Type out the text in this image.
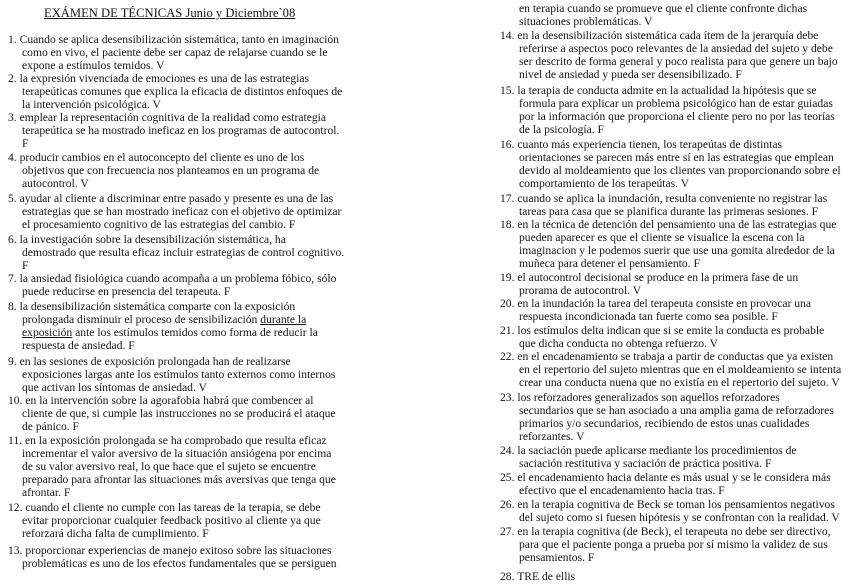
EXÁMEN DE TÉCNICAS Junio y Diciembre`08
1. Cuando se aplica desensibilización sistemática, tanto en imaginación
como en vivo, el paciente debe ser capaz de relajarse cuando se le
expone a estímulos temidos. V
2. la expresión vivenciada de emociones es una de las estrategias
terapeúticas comunes que explica la eficacia de distintos enfoques de
la intervención psicológica. V
3. emplear la representación cognitiva de la realidad como estrategia
terapeútica se ha mostrado ineficaz en los programas de autocontrol.
F
4. producir cambios en el autoconcepto del cliente es uno de los
objetivos que con frecuencia nos planteamos en un programa de
autocontrol. V
5. ayudar al cliente a discriminar entre pasado y presente es una de las
estrategias que se han mostrado ineficaz con el objetivo de optimizar
el procesamiento cognitivo de las estrategias del cambio. F
6. la investigación sobre la desensibilización sistemática, ha
demostrado que resulta eficaz incluir estrategias de control cognitivo.
F
7. la ansiedad fisiológica cuando acompaña a un problema fóbico, sólo
puede reducirse en presencia del terapeuta. F
8. la desensibilización sistemática comparte con la exposición
prolongada disminuir el proceso de sensibilización durante la
exposición ante los estímulos temidos como forma de reducir la
respuesta de ansiedad. F
9. en las sesiones de exposición prolongada han de realizarse
exposiciones largas ante los estímulos tanto externos como internos
que activan los síntomas de ansiedad. V
10. en la intervención sobre la agorafobia habrá que combencer al
cliente de que, si cumple las instrucciones no se producirá el ataque
de pánico. F
11. en la exposición prolongada se ha comprobado que resulta eficaz
incrementar el valor aversivo de la situación ansiógena por encima
de su valor aversivo real, lo que hace que el sujeto se encuentre
preparado para afrontar las situaciones más aversivas que tenga que
afrontar. F
12. cuando el cliente no cumple con las tareas de la terapia, se debe
evitar proporcionar cualquier feedback positivo al cliente ya que
reforzará dicha falta de cumplimiento. F
13. proporcionar experiencias de manejo exitoso sobre las situaciones
problemáticas es uno de los efectos fundamentales que se persiguen
en terapia cuando se promueve que el cliente confronte dichas
situaciones problemáticas. V
14. en la desensibilización sistemática cada ítem de la jerarquía debe
referirse a aspectos poco relevantes de la ansiedad del sujeto y debe
ser descrito de forma general y poco realista para que genere un bajo
nivel de ansiedad y pueda ser desensibilizado. F
15. la terapia de conducta admite en la actualidad la hipótesis que se
formula para explicar un problema psicológico han de estar guiadas
por la información que proporciona el cliente pero no por las teorías
de la psicología. F
16. cuanto más experiencia tienen, los terapeútas de distintas
orientaciones se parecen más entre sí en las estrategias que emplean
devido al moldeamiento que los clientes van proporcionando sobre el
comportamiento de los terapeútas. V
17. cuando se aplica la inundación, resulta conveniente no registrar las
tareas para casa que se planifica durante las primeras sesiones. F
18. en la técnica de detención del pensamiento una de las estrategias que
pueden aparecer es que el cliente se visualice la escena con la
imaginacion y le podemos suerir que use una gomita alrededor de la
muñeca para detener el pensamiento. F
19. el autocontrol decisional se produce en la primera fase de un
prorama de autocontrol. V
20. en la inundación la tarea del terapeuta consiste en provocar una
respuesta incondicionada tan fuerte como sea posible. F
21. los estímulos delta indican que si se emite la conducta es probable
que dicha conducta no obtenga refuerzo. V
22. en el encadenamiento se trabaja a partir de conductas que ya existen
en el repertorio del sujeto mientras que en el moldeamiento se intenta
crear una conducta nuena que no existía en el repertorio del sujeto. V
23. los reforzadores generalizados son aquellos reforzadores
secundarios que se han asociado a una amplia gama de reforzadores
primarios y/o secundarios, recibiendo de estos unas cualidades
reforzantes. V
24. la saciación puede aplicarse mediante los procedimientos de
saciación restitutiva y saciación de práctica positiva. F
25. el encadenamiento hacia delante es más usual y se le considera más
efectivo que el encadenamiento hacia tras. F
26. en la terapia cognitiva de Beck se toman los pensamientos negativos
del sujeto como si fuesen hipótesis y se confrontan con la realidad. V
27. en la terapia cognitiva (de Beck), el terapeuta no debe ser directivo,
para que el paciente ponga a prueba por sí mismo la validez de sus
pensamientos. F
28. TRE de ellis
